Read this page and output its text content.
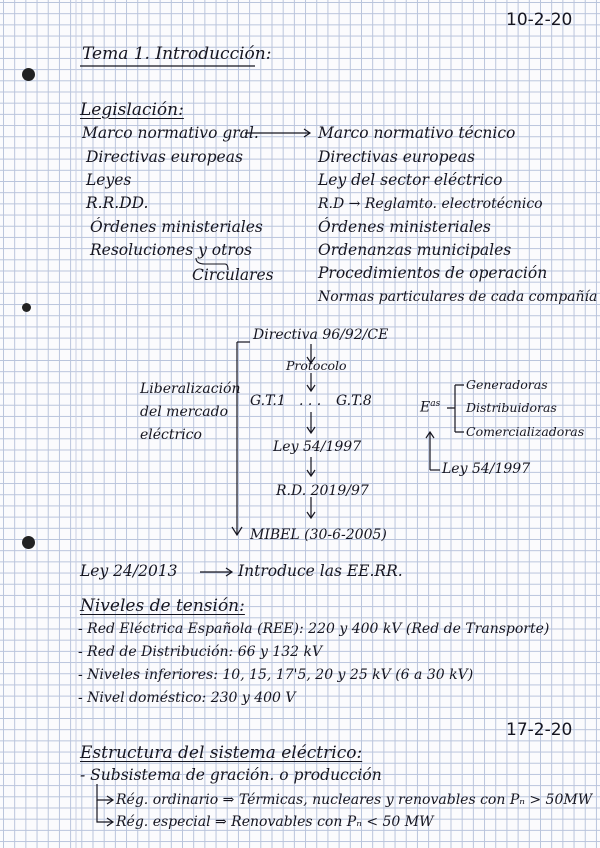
10-2-20
17-2-20
Tema 1. Introducción:
Legislación:
Marco normativo gral.
Directivas europeas
Leyes
R.R.DD.
Órdenes ministeriales
Resoluciones y otros
Circulares
Marco normativo técnico
Directivas europeas
Ley del sector eléctrico
R.D → Reglamto. electrotécnico
Órdenes ministeriales
Ordenanzas municipales
Procedimientos de operación
Normas particulares de cada compañía
Liberalización
del mercado
eléctrico
Directiva 96/92/CE
Protocolo
G.T.1 . . . G.T.8
Ley 54/1997
R.D. 2019/97
MIBEL (30-6-2005)
$E^{as}$
Generadoras
Distribuidoras
Comercializadoras
Ley 54/1997
Ley 24/2013	Introduce las EE.RR.
Niveles de tensión:
- Red Eléctrica Española (REE): 220 y 400 kV (Red de Transporte)
- Red de Distribución: 66 y 132 kV
- Niveles inferiores: 10, 15, 17'5, 20 y 25 kV (6 a 30 kV)
- Nivel doméstico: 230 y 400 V
Estructura del sistema eléctrico:
- Subsistema de gración. o producción
Rég. ordinario ⇒ Térmicas, nucleares y renovables con Pₙ > 50MW
Rég. especial ⇒ Renovables con Pₙ < 50 MW
